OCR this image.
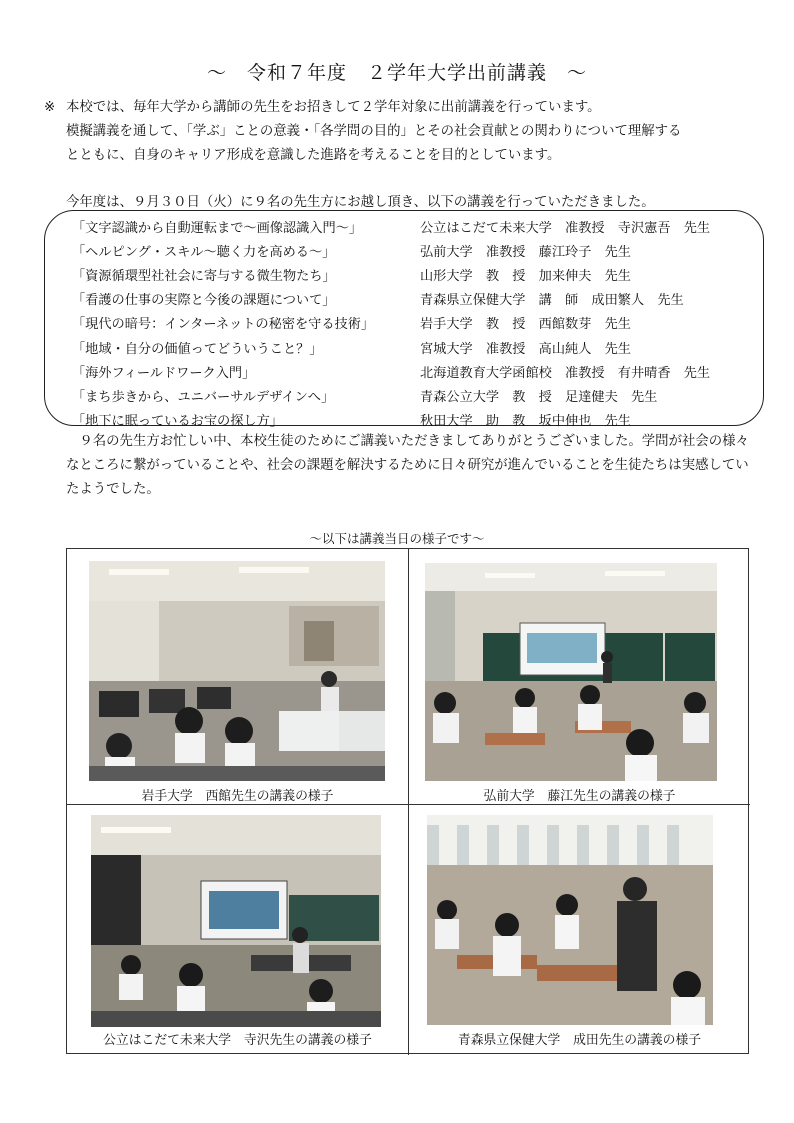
～　令和７年度　２学年大学出前講義　～
※ 本校では、毎年大学から講師の先生をお招きして２学年対象に出前講義を行っています。
模擬講義を通して、「学ぶ」ことの意義・「各学問の目的」とその社会貢献との関わりについて理解する
とともに、自身のキャリア形成を意識した進路を考えることを目的としています。
今年度は、９月３０日（火）に９名の先生方にお越し頂き、以下の講義を行っていただきました。
「文字認識から自動運転まで～画像認識入門～」	公立はこだて未来大学　准教授　寺沢憲吾　先生
「ヘルピング・スキル～聴く力を高める～」	弘前大学　准教授　藤江玲子　先生
「資源循環型社社会に寄与する微生物たち」	山形大学　教　授　加来伸夫　先生
「看護の仕事の実際と今後の課題について」	青森県立保健大学　講　師　成田繁人　先生
「現代の暗号：インターネットの秘密を守る技術」	岩手大学　教　授　西館数芽　先生
「地域・自分の価値ってどういうこと？」	宮城大学　准教授　高山純人　先生
「海外フィールドワーク入門」	北海道教育大学函館校　准教授　有井晴香　先生
「まち歩きから、ユニバーサルデザインへ」	青森公立大学　教　授　足達健夫　先生
「地下に眠っているお宝の探し方」	秋田大学　助　教　坂中伸也　先生
９名の先生方お忙しい中、本校生徒のためにご講義いただきましてありがとうございました。学問が社会の様々なところに繋がっていることや、社会の課題を解決するために日々研究が進んでいることを生徒たちは実感していたようでした。
～以下は講義当日の様子です～
岩手大学　西館先生の講義の様子	弘前大学　藤江先生の講義の様子
公立はこだて未来大学　寺沢先生の講義の様子	青森県立保健大学　成田先生の講義の様子
